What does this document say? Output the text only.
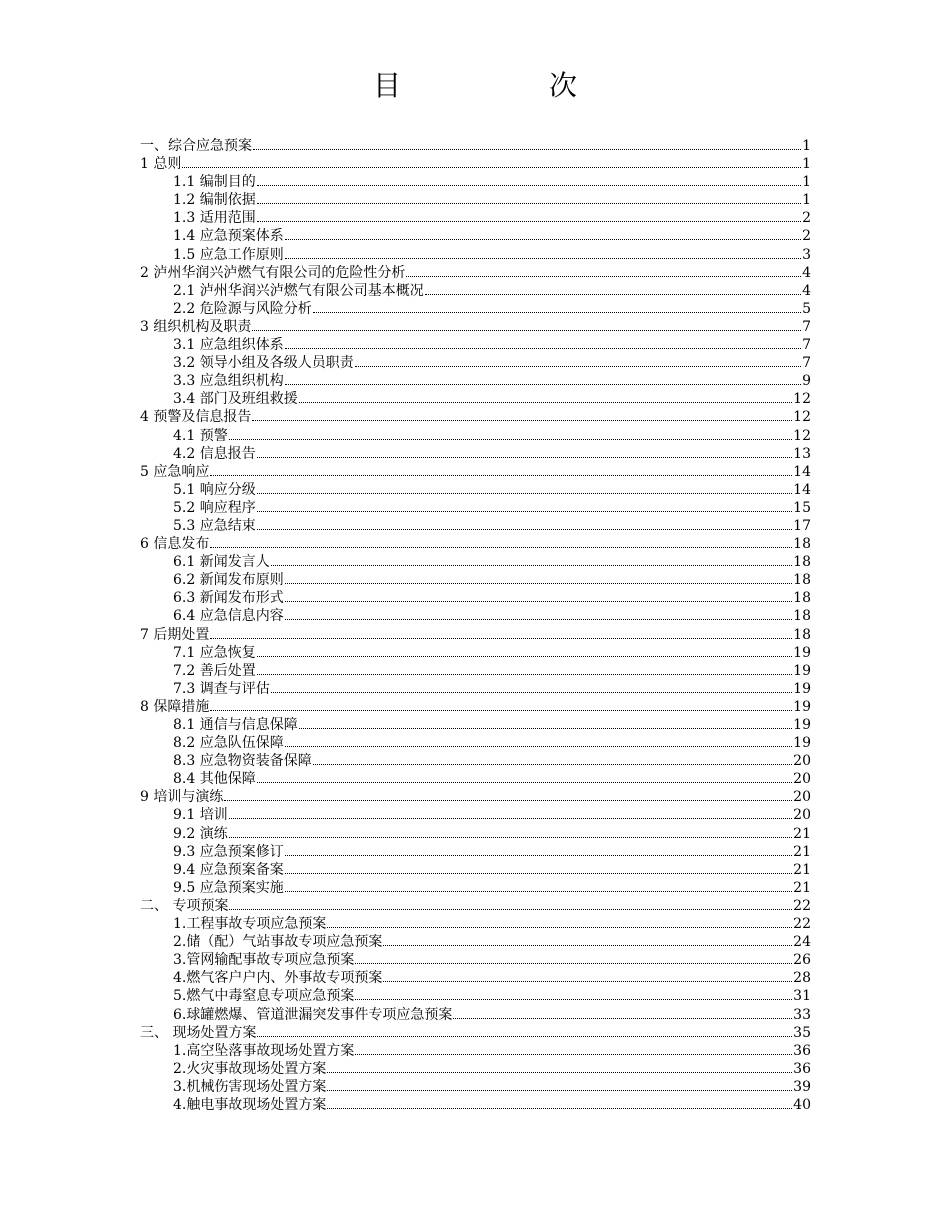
目　次
一、综合应急预案	1
1 总则	1
1.1 编制目的	1
1.2 编制依据	1
1.3 适用范围	2
1.4 应急预案体系	2
1.5 应急工作原则	3
2 泸州华润兴泸燃气有限公司的危险性分析	4
2.1 泸州华润兴泸燃气有限公司基本概况	4
2.2 危险源与风险分析	5
3 组织机构及职责	7
3.1 应急组织体系	7
3.2 领导小组及各级人员职责	7
3.3 应急组织机构	9
3.4 部门及班组救援	12
4 预警及信息报告	12
4.1 预警	12
4.2 信息报告	13
5 应急响应	14
5.1 响应分级	14
5.2 响应程序	15
5.3 应急结束	17
6 信息发布	18
6.1 新闻发言人	18
6.2 新闻发布原则	18
6.3 新闻发布形式	18
6.4 应急信息内容	18
7 后期处置	18
7.1 应急恢复	19
7.2 善后处置	19
7.3 调查与评估	19
8 保障措施	19
8.1 通信与信息保障	19
8.2 应急队伍保障	19
8.3 应急物资装备保障	20
8.4 其他保障	20
9 培训与演练	20
9.1 培训	20
9.2 演练	21
9.3 应急预案修订	21
9.4 应急预案备案	21
9.5 应急预案实施	21
二、 专项预案	22
1.工程事故专项应急预案	22
2.储（配）气站事故专项应急预案	24
3.管网输配事故专项应急预案	26
4.燃气客户户内、外事故专项预案	28
5.燃气中毒窒息专项应急预案	31
6.球罐燃爆、管道泄漏突发事件专项应急预案	33
三、 现场处置方案	35
1.高空坠落事故现场处置方案	36
2.火灾事故现场处置方案	36
3.机械伤害现场处置方案	39
4.触电事故现场处置方案	40
